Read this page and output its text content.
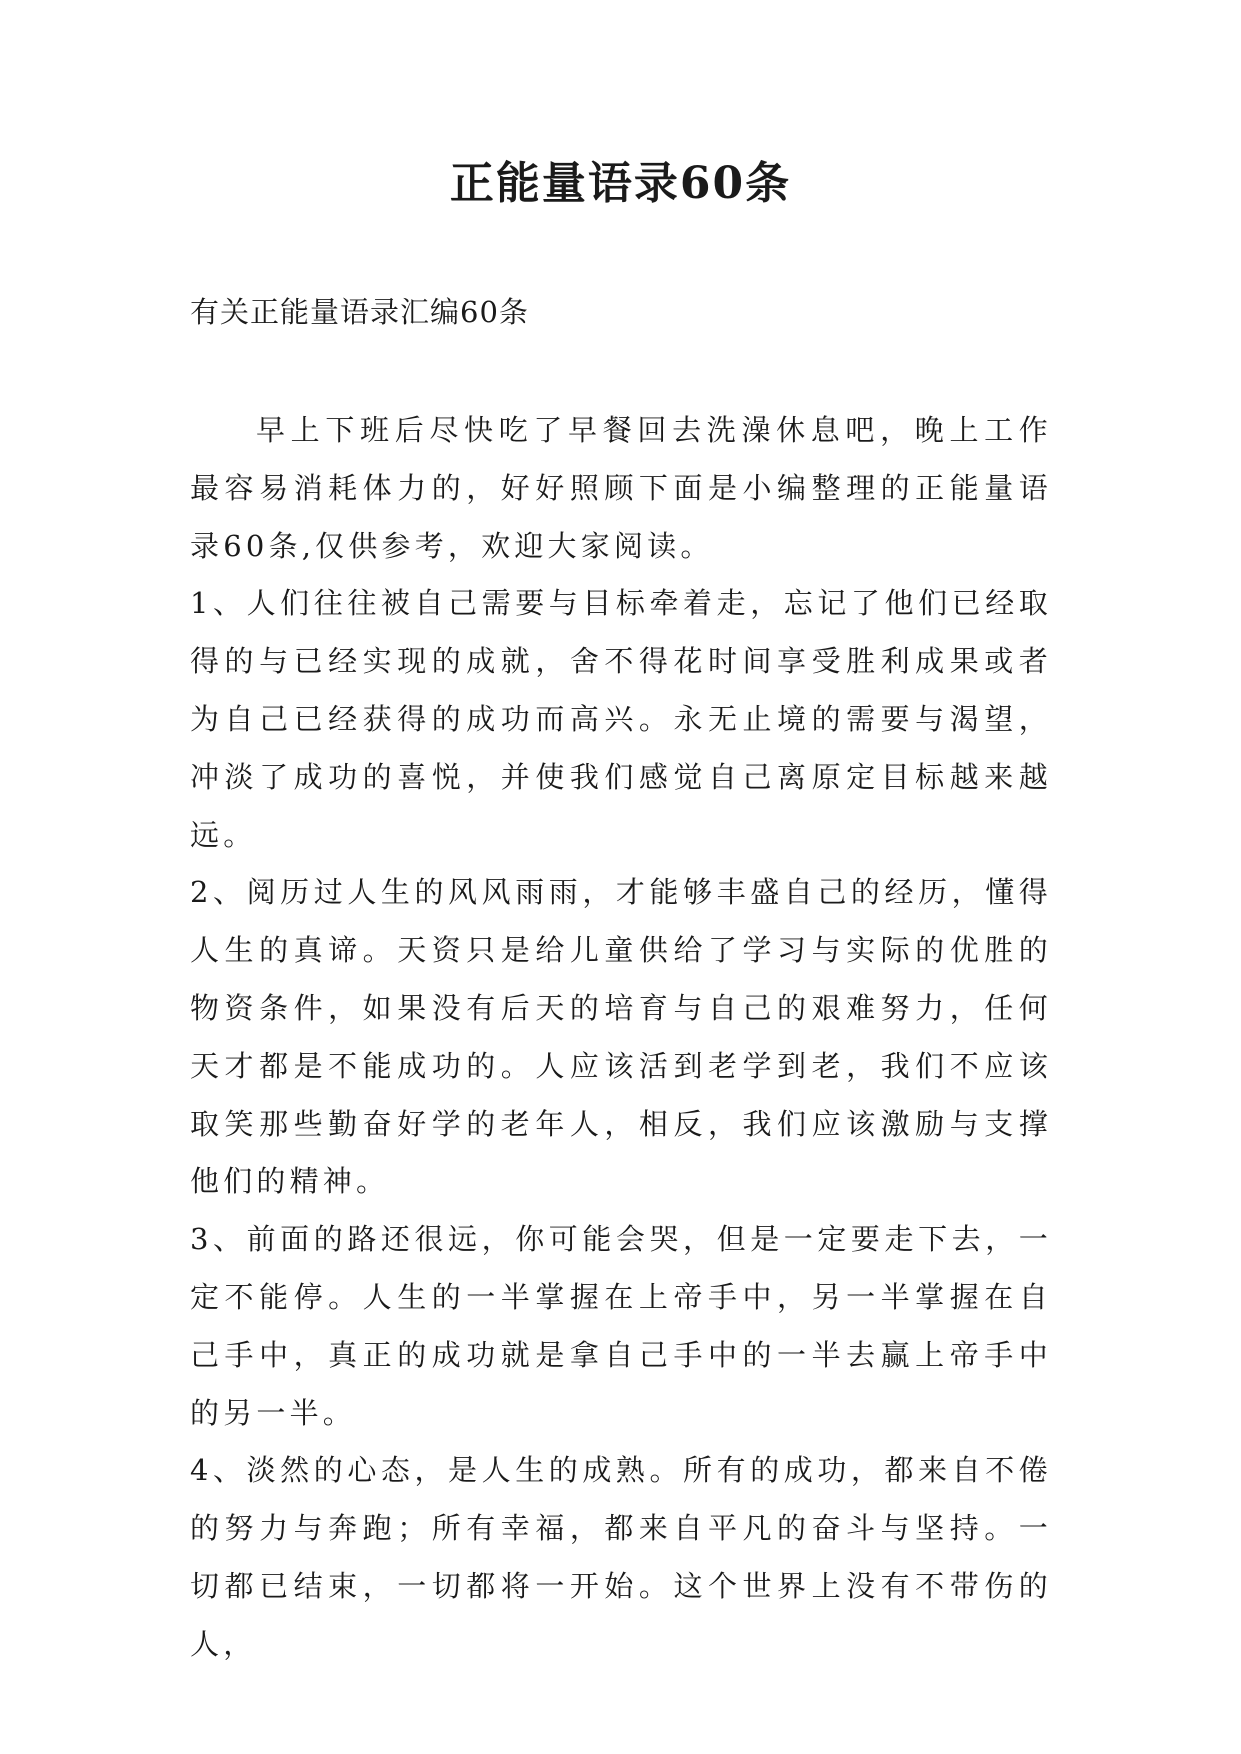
正能量语录60条
有关正能量语录汇编60条

早上下班后尽快吃了早餐回去洗澡休息吧，晚上工作最容易消耗体力的，好好照顾下面是小编整理的正能量语录60条,仅供参考，欢迎大家阅读。

1、人们往往被自己需要与目标牵着走，忘记了他们已经取得的与已经实现的成就，舍不得花时间享受胜利成果或者为自己已经获得的成功而高兴。永无止境的需要与渴望，冲淡了成功的喜悦，并使我们感觉自己离原定目标越来越远。

2、阅历过人生的风风雨雨，才能够丰盛自己的经历，懂得人生的真谛。天资只是给儿童供给了学习与实际的优胜的物资条件，如果没有后天的培育与自己的艰难努力，任何天才都是不能成功的。人应该活到老学到老，我们不应该取笑那些勤奋好学的老年人，相反，我们应该激励与支撑他们的精神。

3、前面的路还很远，你可能会哭，但是一定要走下去，一定不能停。人生的一半掌握在上帝手中，另一半掌握在自己手中，真正的成功就是拿自己手中的一半去赢上帝手中的另一半。

4、淡然的心态，是人生的成熟。所有的成功，都来自不倦的努力与奔跑；所有幸福，都来自平凡的奋斗与坚持。一切都已结束，一切都将一开始。这个世界上没有不带伤的人，
